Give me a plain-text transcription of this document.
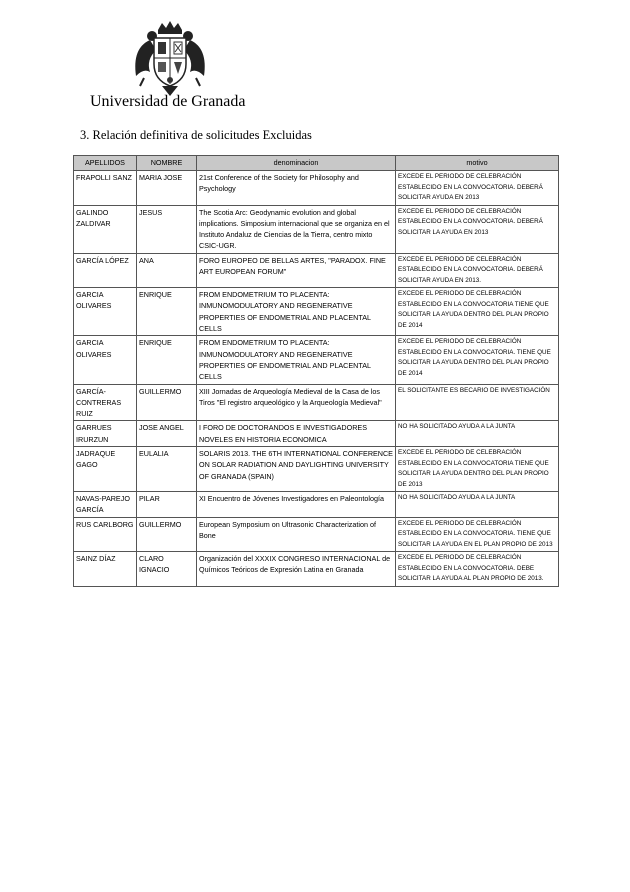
Universidad de Granada
3. Relación definitiva de solicitudes Excluidas
APELLIDOS	NOMBRE	denominacion	motivo
FRAPOLLI SANZ	MARIA JOSE	21st Conference of the Society for Philosophy and Psychology	EXCEDE EL PERIODO DE CELEBRACIÓN ESTABLECIDO EN LA CONVOCATORIA. DEBERÁ SOLICITAR AYUDA EN 2013
GALINDO ZALDIVAR	JESUS	The Scotia Arc: Geodynamic evolution and global implications. Simposium internacional que se organiza en el Instituto Andaluz de Ciencias de la Tierra, centro mixto CSIC-UGR.	EXCEDE EL PERIODO DE CELEBRACIÓN ESTABLECIDO EN LA CONVOCATORIA. DEBERÁ SOLICITAR LA AYUDA EN 2013
GARCÍA LÓPEZ	ANA	FORO EUROPEO DE BELLAS ARTES, "PARADOX. FINE ART EUROPEAN FORUM"	EXCEDE EL PERIODO DE CELEBRACIÓN ESTABLECIDO EN LA CONVOCATORIA. DEBERÁ SOLICITAR AYUDA EN 2013.
GARCIA OLIVARES	ENRIQUE	FROM ENDOMETRIUM TO PLACENTA: INMUNOMODULATORY AND REGENERATIVE PROPERTIES OF ENDOMETRIAL AND PLACENTAL CELLS	EXCEDE EL PERIODO DE CELEBRACIÓN ESTABLECIDO EN LA CONVOCATORIA TIENE QUE SOLICITAR LA AYUDA DENTRO DEL PLAN PROPIO DE 2014
GARCIA OLIVARES	ENRIQUE	FROM ENDOMETRIUM TO PLACENTA: INMUNOMODULATORY AND REGENERATIVE PROPERTIES OF ENDOMETRIAL AND PLACENTAL CELLS	EXCEDE EL PERIODO DE CELEBRACIÓN ESTABLECIDO EN LA CONVOCATORIA. TIENE QUE SOLICITAR LA AYUDA DENTRO DEL PLAN PROPIO DE 2014
GARCÍA-CONTRERAS RUIZ	GUILLERMO	XIII Jornadas de Arqueología Medieval de la Casa de los Tiros "El registro arqueológico y la Arqueología Medieval"	EL SOLICITANTE ES BECARIO DE INVESTIGACIÓN
GARRUES IRURZUN	JOSE ANGEL	I FORO DE DOCTORANDOS E INVESTIGADORES NOVELES EN HISTORIA ECONOMICA	NO HA SOLICITADO AYUDA A LA JUNTA
JADRAQUE GAGO	EULALIA	SOLARIS 2013. THE 6TH INTERNATIONAL CONFERENCE ON SOLAR RADIATION AND DAYLIGHTING UNIVERSITY OF GRANADA (SPAIN)	EXCEDE EL PERIODO DE CELEBRACIÓN ESTABLECIDO EN LA CONVOCATORIA TIENE QUE SOLICITAR LA AYUDA DENTRO DEL PLAN PROPIO DE 2013
NAVAS-PAREJO GARCÍA	PILAR	XI Encuentro de Jóvenes Investigadores en Paleontología	NO HA SOLICITADO AYUDA A LA JUNTA
RUS CARLBORG	GUILLERMO	European Symposium on Ultrasonic Characterization of Bone	EXCEDE EL PERIODO DE CELEBRACIÓN ESTABLECIDO EN LA CONVOCATORIA. TIENE QUE SOLICITAR LA AYUDA EN EL PLAN PROPIO DE 2013
SAINZ DÍAZ	CLARO IGNACIO	Organización del XXXIX CONGRESO INTERNACIONAL de Químicos Teóricos de Expresión Latina en Granada	EXCEDE EL PERIODO DE CELEBRACIÓN ESTABLECIDO EN LA CONVOCATORIA. DEBE SOLICITAR LA AYUDA AL PLAN PROPIO DE 2013.
